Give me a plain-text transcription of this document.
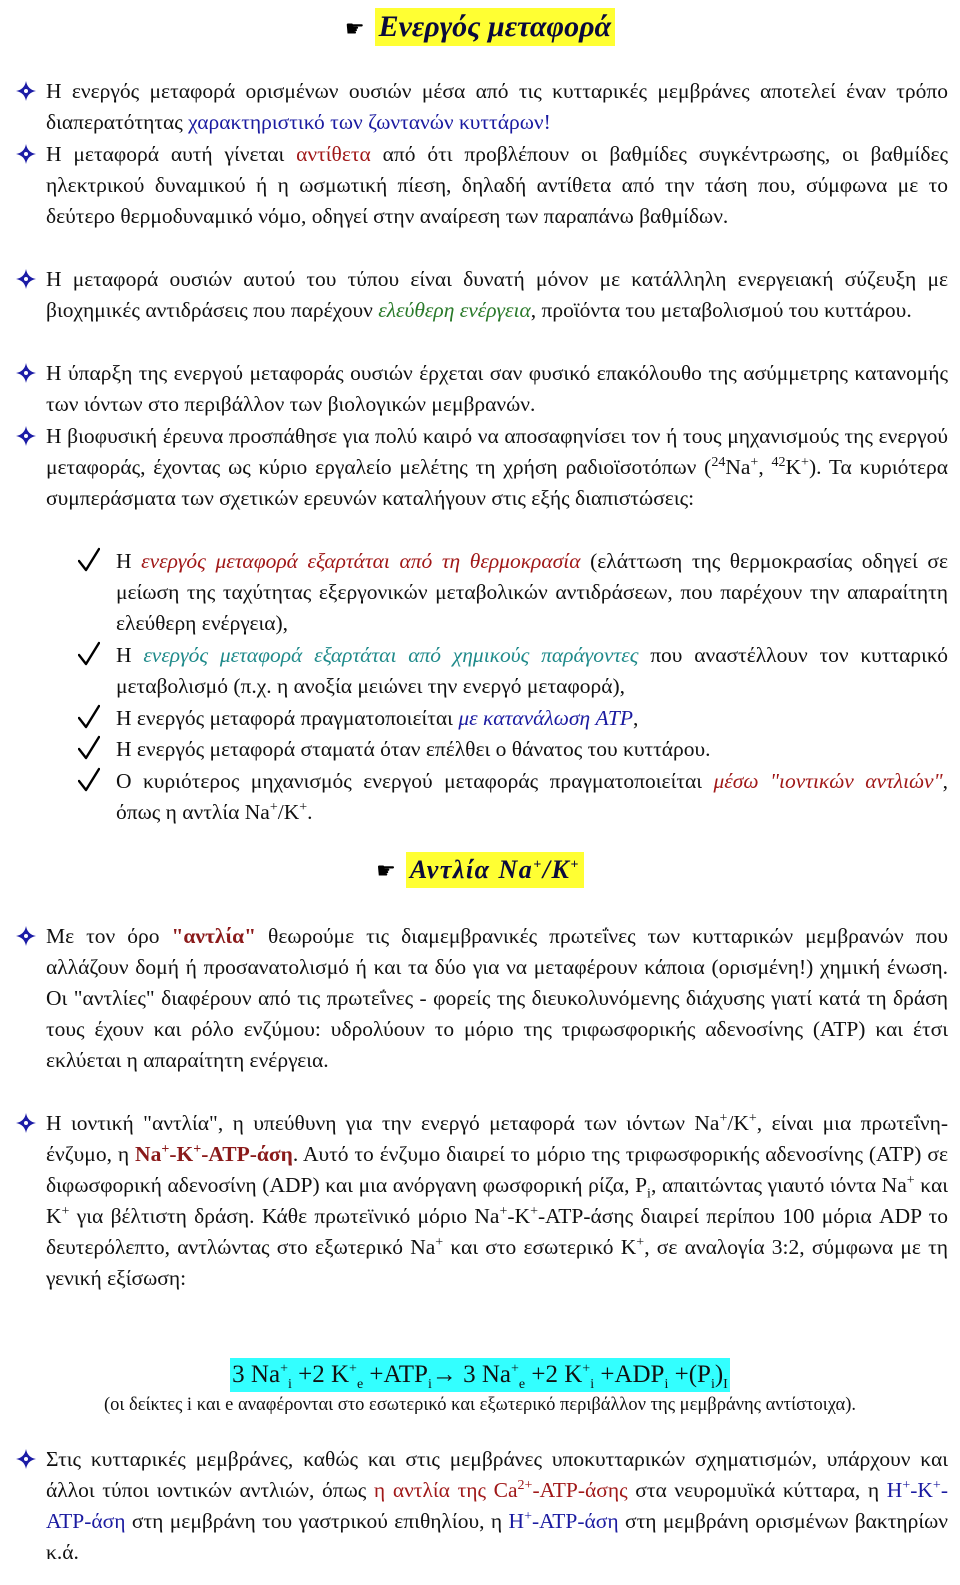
☛ Ενεργός μεταφορά
Η ενεργός μεταφορά ορισμένων ουσιών μέσα από τις κυτταρικές μεμβράνες αποτελεί έναν τρόπο διαπερατότητας χαρακτηριστικό των ζωντανών κυττάρων!
Η μεταφορά αυτή γίνεται αντίθετα από ότι προβλέπουν οι βαθμίδες συγκέντρωσης, οι βαθμίδες ηλεκτρικού δυναμικού ή η ωσμωτική πίεση, δηλαδή αντίθετα από την τάση που, σύμφωνα με το δεύτερο θερμοδυναμικό νόμο, οδηγεί στην αναίρεση των παραπάνω βαθμίδων.
Η μεταφορά ουσιών αυτού του τύπου είναι δυνατή μόνον με κατάλληλη ενεργειακή σύζευξη με βιοχημικές αντιδράσεις που παρέχουν ελεύθερη ενέργεια, προϊόντα του μεταβολισμού του κυττάρου.
Η ύπαρξη της ενεργού μεταφοράς ουσιών έρχεται σαν φυσικό επακόλουθο της ασύμμετρης κατανομής των ιόντων στο περιβάλλον των βιολογικών μεμβρανών.
Η βιοφυσική έρευνα προσπάθησε για πολύ καιρό να αποσαφηνίσει τον ή τους μηχανισμούς της ενεργού μεταφοράς, έχοντας ως κύριο εργαλείο μελέτης τη χρήση ραδιοϊσοτόπων ($^{24}$Na+, $^{42}$K+). Τα κυριότερα συμπεράσματα των σχετικών ερευνών καταλήγουν στις εξής διαπιστώσεις:
Η ενεργός μεταφορά εξαρτάται από τη θερμοκρασία (ελάττωση της θερμοκρασίας οδηγεί σε μείωση της ταχύτητας εξεργονικών μεταβολικών αντιδράσεων, που παρέχουν την απαραίτητη ελεύθερη ενέργεια),
Η ενεργός μεταφορά εξαρτάται από χημικούς παράγοντες που αναστέλλουν τον κυτταρικό μεταβολισμό (π.χ. η ανοξία μειώνει την ενεργό μεταφορά),
Η ενεργός μεταφορά πραγματοποιείται με κατανάλωση ATP,
Η ενεργός μεταφορά σταματά όταν επέλθει ο θάνατος του κυττάρου.
Ο κυριότερος μηχανισμός ενεργού μεταφοράς πραγματοποιείται μέσω "ιοντικών αντλιών", όπως η αντλία Na+/K+.
☛ Αντλία Na+/K+
Με τον όρο "αντλία" θεωρούμε τις διαμεμβρανικές πρωτεΐνες των κυτταρικών μεμβρανών που αλλάζουν δομή ή προσανατολισμό ή και τα δύο για να μεταφέρουν κάποια (ορισμένη!) χημική ένωση. Οι "αντλίες" διαφέρουν από τις πρωτεΐνες - φορείς της διευκολυνόμενης διάχυσης γιατί κατά τη δράση τους έχουν και ρόλο ενζύμου: υδρολύουν το μόριο της τριφωσφορικής αδενοσίνης (ATP) και έτσι εκλύεται η απαραίτητη ενέργεια.
Η ιοντική "αντλία", η υπεύθυνη για την ενεργό μεταφορά των ιόντων Na+/K+, είναι μια πρωτεΐνη-ένζυμο, η Na+-K+-ATP-άση. Αυτό το ένζυμο διαιρεί το μόριο της τριφωσφορικής αδενοσίνης (ATP) σε διφωσφορική αδενοσίνη (ADP) και μια ανόργανη φωσφορική ρίζα, $P_i$, απαιτώντας γιαυτό ιόντα Na+ και K+ για βέλτιστη δράση. Κάθε πρωτεϊνικό μόριο Na+-K+-ATP-άσης διαιρεί περίπου 100 μόρια ADP το δευτερόλεπτο, αντλώντας στο εξωτερικό Na+ και στο εσωτερικό K+, σε αναλογία 3:2, σύμφωνα με τη γενική εξίσωση:
3 $Na^+_i +2$ $K^+_e +ATP_i\to 3$ $Na^+_e +2$ $K^+_i +ADP_i +(P_i)_I$
(οι δείκτες i και e αναφέρονται στο εσωτερικό και εξωτερικό περιβάλλον της μεμβράνης αντίστοιχα).
Στις κυτταρικές μεμβράνες, καθώς και στις μεμβράνες υποκυτταρικών σχηματισμών, υπάρχουν και άλλοι τύποι ιοντικών αντλιών, όπως η αντλία της $Ca^{2+}-ATP$-άσης στα νευρομυϊκά κύτταρα, η H+-K+-ATP-άση στη μεμβράνη του γαστρικού επιθηλίου, η H+-ATP-άση στη μεμβράνη ορισμένων βακτηρίων κ.ά.
